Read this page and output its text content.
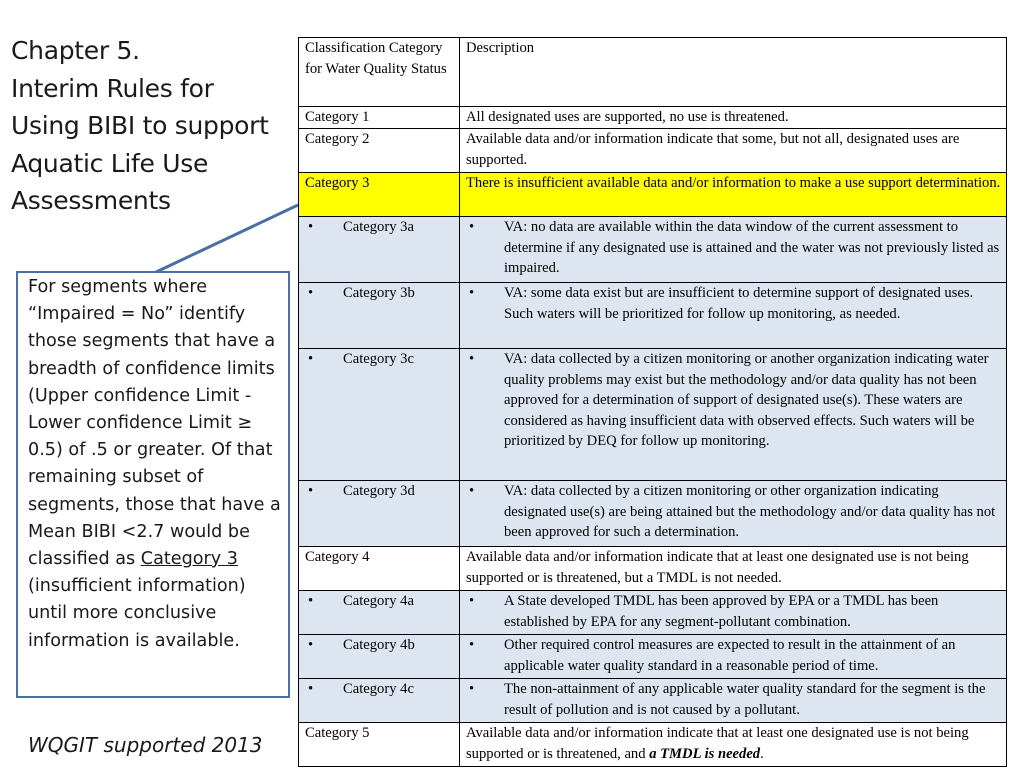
Chapter 5.
Interim Rules for
Using BIBI to support
Aquatic Life Use
Assessments
For segments where “Impaired = No” identify those segments that have a breadth of confidence limits (Upper confidence Limit - Lower confidence Limit ≥ 0.5) of .5 or greater. Of that remaining subset of segments, those that have a Mean BIBI <2.7 would be classified as Category 3 (insufficient information) until more conclusive information is available.
WQGIT supported 2013
Classification Category for Water Quality Status	Description
Category 1	All designated uses are supported, no use is threatened.
Category 2	Available data and/or information indicate that some, but not all, designated uses are supported.
Category 3	There is insufficient available data and/or information to make a use support determination.

• Category 3a	• VA: no data are available within the data window of the current assessment to determine if any designated use is attained and the water was not previously listed as impaired.

• Category 3b	• VA: some data exist but are insufficient to determine support of designated uses. Such waters will be prioritized for follow up monitoring, as needed.

• Category 3c	• VA: data collected by a citizen monitoring or another organization indicating water quality problems may exist but the methodology and/or data quality has not been approved for a determination of support of designated use(s). These waters are considered as having insufficient data with observed effects. Such waters will be prioritized by DEQ for follow up monitoring.

• Category 3d	• VA: data collected by a citizen monitoring or other organization indicating designated use(s) are being attained but the methodology and/or data quality has not been approved for such a determination.

Category 4	Available data and/or information indicate that at least one designated use is not being supported or is threatened, but a TMDL is not needed.

• Category 4a	• A State developed TMDL has been approved by EPA or a TMDL has been established by EPA for any segment-pollutant combination.

• Category 4b	• Other required control measures are expected to result in the attainment of an applicable water quality standard in a reasonable period of time.

• Category 4c	• The non-attainment of any applicable water quality standard for the segment is the result of pollution and is not caused by a pollutant.

Category 5	Available data and/or information indicate that at least one designated use is not being supported or is threatened, and a TMDL is needed.
